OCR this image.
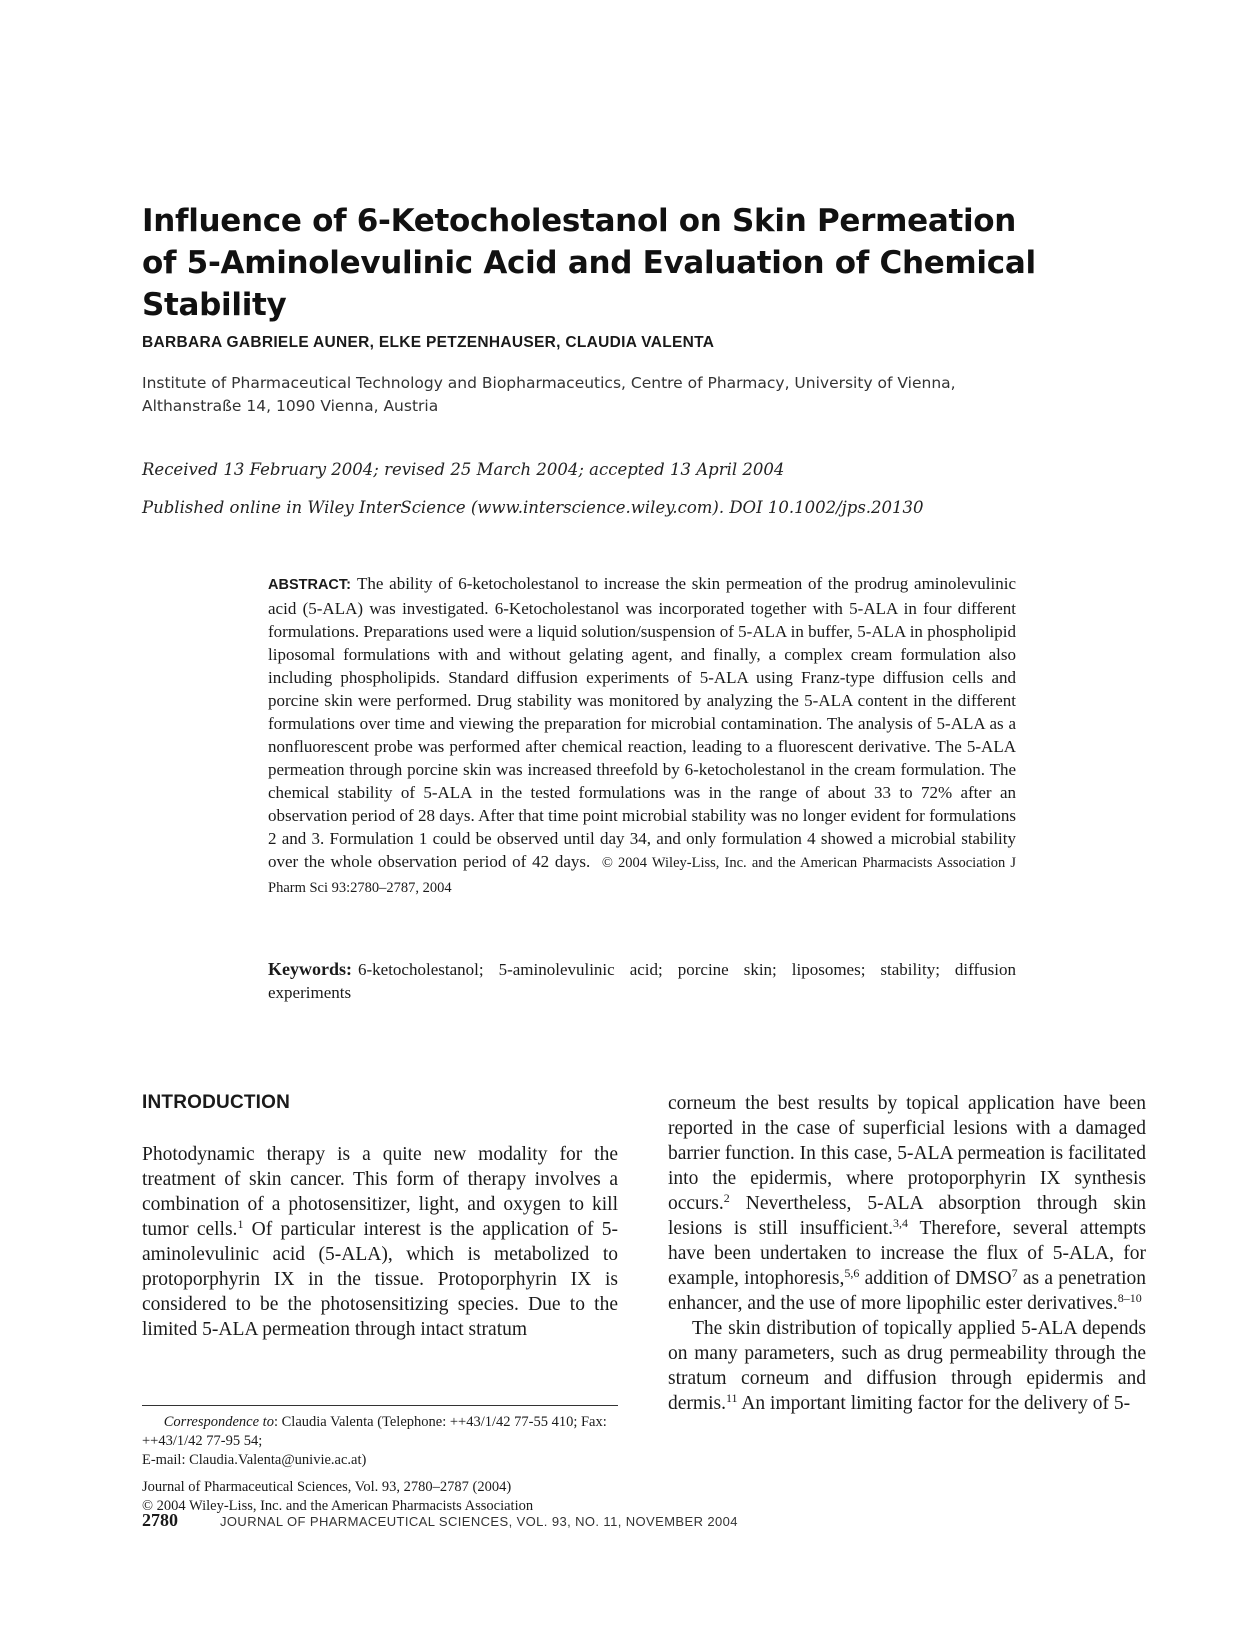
Influence of 6-Ketocholestanol on Skin Permeation
of 5-Aminolevulinic Acid and Evaluation of Chemical Stability
BARBARA GABRIELE AUNER, ELKE PETZENHAUSER, CLAUDIA VALENTA
Institute of Pharmaceutical Technology and Biopharmaceutics, Centre of Pharmacy, University of Vienna,
Althanstraße 14, 1090 Vienna, Austria
Received 13 February 2004; revised 25 March 2004; accepted 13 April 2004
Published online in Wiley InterScience (www.interscience.wiley.com). DOI 10.1002/jps.20130
ABSTRACT: The ability of 6-ketocholestanol to increase the skin permeation of the prodrug aminolevulinic acid (5-ALA) was investigated. 6-Ketocholestanol was incorporated together with 5-ALA in four different formulations. Preparations used were a liquid solution/suspension of 5-ALA in buffer, 5-ALA in phospholipid liposomal formulations with and without gelating agent, and finally, a complex cream formulation also including phospholipids. Standard diffusion experiments of 5-ALA using Franz-type diffusion cells and porcine skin were performed. Drug stability was monitored by analyzing the 5-ALA content in the different formulations over time and viewing the preparation for microbial contamination. The analysis of 5-ALA as a nonfluorescent probe was performed after chemical reaction, leading to a fluorescent derivative. The 5-ALA permeation through porcine skin was increased threefold by 6-ketocholestanol in the cream formulation. The chemical stability of 5-ALA in the tested formulations was in the range of about 33 to 72% after an observation period of 28 days. After that time point microbial stability was no longer evident for formulations 2 and 3. Formulation 1 could be observed until day 34, and only formulation 4 showed a microbial stability over the whole observation period of 42 days. © 2004 Wiley-Liss, Inc. and the American Pharmacists Association J Pharm Sci 93:2780–2787, 2004
Keywords: 6-ketocholestanol; 5-aminolevulinic acid; porcine skin; liposomes; stability; diffusion experiments
INTRODUCTION

Photodynamic therapy is a quite new modality for the treatment of skin cancer. This form of therapy involves a combination of a photosensitizer, light, and oxygen to kill tumor cells.$^1$ Of particular interest is the application of 5-aminolevulinic acid (5-ALA), which is metabolized to protoporphyrin IX in the tissue. Protoporphyrin IX is considered to be the photosensitizing species. Due to the limited 5-ALA permeation through intact stratum

corneum the best results by topical application have been reported in the case of superficial lesions with a damaged barrier function. In this case, 5-ALA permeation is facilitated into the epidermis, where protoporphyrin IX synthesis occurs.$^2$ Nevertheless, 5-ALA absorption through skin lesions is still insufficient.$^{3,4}$ Therefore, several attempts have been undertaken to increase the flux of 5-ALA, for example, intophoresis,$^{5,6}$ addition of DMSO$^7$ as a penetration enhancer, and the use of more lipophilic ester derivatives.$^{8-10}$

The skin distribution of topically applied 5-ALA depends on many parameters, such as drug permeability through the stratum corneum and diffusion through epidermis and dermis.$^{11}$ An important limiting factor for the delivery of 5-

Correspondence to: Claudia Valenta (Telephone: ++43/1/42 77-55 410; Fax: ++43/1/42 77-95 54;
E-mail: Claudia.Valenta@univie.ac.at)
Journal of Pharmaceutical Sciences, Vol. 93, 2780–2787 (2004)
© 2004 Wiley-Liss, Inc. and the American Pharmacists Association
2780	JOURNAL OF PHARMACEUTICAL SCIENCES, VOL. 93, NO. 11, NOVEMBER 2004
